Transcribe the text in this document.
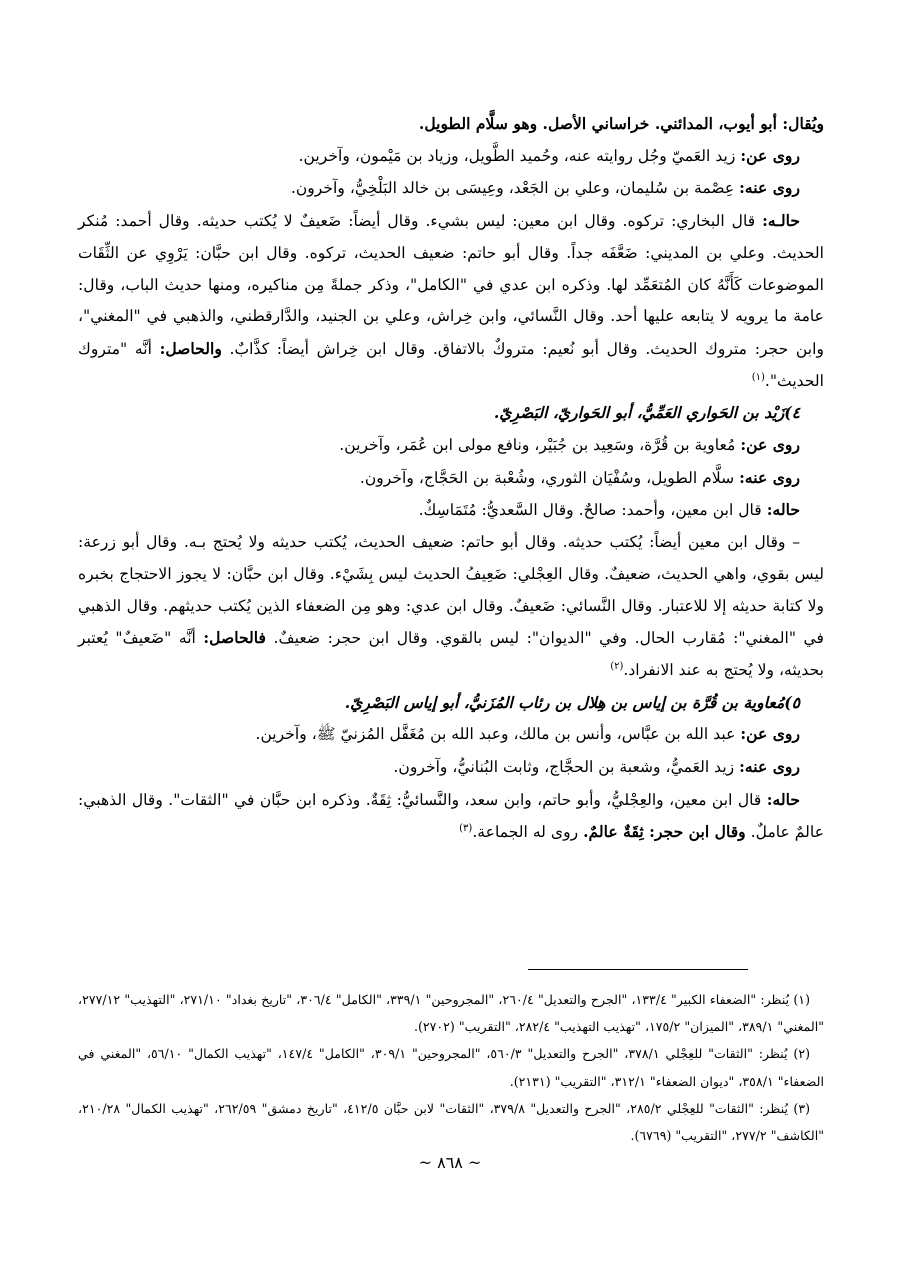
ويُقال: أبو أيوب، المدائني. خراساني الأصل. وهو سلَّام الطويل.

روى عن: زيد العَميّ وجُل روايته عنه، وحُميد الطَّويل، وزياد بن مَيْمون، وآخرين.

روى عنه: عِصْمة بن سُليمان، وعلي بن الجَعْد، وعِيسَى بن خالد البَلْخِيُّ، وآخرون.

حالـه: قال البخاري: تركوه. وقال ابن معين: ليس بشيء. وقال أيضاً: ضَعيفٌ لا يُكتب حديثه. وقال أحمد: مُنكر الحديث. وعلي بن المديني: ضَعَّفَه جداً. وقال أبو حاتم: ضعيف الحديث، تركوه. وقال ابن حبَّان: يَرْوِي عن الثِّقَات الموضوعات كَأَنَّهُ كان المُتعَمِّد لها. وذكره ابن عدي في "الكامل"، وذكر جملةً مِن مناكيره، ومنها حديث الباب، وقال: عامة ما يرويه لا يتابعه عليها أحد. وقال النَّسائي، وابن خِراش، وعلي بن الجنيد، والدَّارقطني، والذهبي في "المغني"، وابن حجر: متروك الحديث. وقال أبو نُعيم: متروكٌ بالاتفاق. وقال ابن خِراش أيضاً: كذَّابٌ. والحاصل: أنَّه "متروك الحديث".$^{(١)}$

٤)زَيْد بن الحَواري العَمِّيُّ، أبو الحَواريّ، البَصْرِيّ.

روى عن: مُعاوية بن قُرَّة، وسَعِيد بن جُبَيْر، ونافع مولى ابن عُمَر، وآخرين.

روى عنه: سلَّام الطويل، وسُفْيَان الثوري، وشُعْبة بن الحَجَّاج، وآخرون.

حاله: قال ابن معين، وأحمد: صالحٌ. وقال السَّعديُّ: مُتَمَاسِكٌ.

– وقال ابن معين أيضاً: يُكتب حديثه. وقال أبو حاتم: ضعيف الحديث، يُكتب حديثه ولا يُحتج بـه. وقال أبو زرعة: ليس بقوي، واهي الحديث، ضعيفٌ. وقال العِجْلي: ضَعِيفُ الحديث ليس بِشَيْء. وقال ابن حبَّان: لا يجوز الاحتجاج بخبره ولا كتابة حديثه إلا للاعتبار. وقال النَّسائي: ضَعيفٌ. وقال ابن عدي: وهو مِن الضعفاء الذين يُكتب حديثهم. وقال الذهبي في "المغني": مُقارب الحال. وفي "الديوان": ليس بالقوي. وقال ابن حجر: ضعيفٌ. فالحاصل: أنَّه "ضَعيفٌ" يُعتبر بحديثه، ولا يُحتج به عند الانفراد.$^{(٢)}$

٥)مُعاوية بن قُرَّة بن إياس بن هِلال بن رئاب المُزَنيُّ، أبو إياس البَصْرِيّ.

روى عن: عبد الله بن عبَّاس، وأنس بن مالك، وعبد الله بن مُغَفَّل المُزنيّ ﷺ، وآخرين.

روى عنه: زيد العَميُّ، وشعبة بن الحجَّاج، وثابت البُنانيُّ، وآخرون.

حاله: قال ابن معين، والعِجْليُّ، وأبو حاتم، وابن سعد، والنَّسائيُّ: ثِقَةٌ. وذكره ابن حبَّان في "الثقات". وقال الذهبي: عالمٌ عاملٌ. وقال ابن حجر: ثِقَةٌ عالمٌ. روى له الجماعة.$^{(٣)}$

(١) يُنظر: "الضعفاء الكبير" ١٣٣/٤، "الجرح والتعديل" ٢٦٠/٤، "المجروحين" ٣٣٩/١، "الكامل" ٣٠٦/٤، "تاريخ بغداد" ٢٧١/١٠، "التهذيب" ٢٧٧/١٢، "المغني" ٣٨٩/١، "الميزان" ١٧٥/٢، "تهذيب التهذيب" ٢٨٢/٤، "التقريب" (٢٧٠٢).

(٢) يُنظر: "الثقات" للعِجْلي ٣٧٨/١، "الجرح والتعديل" ٥٦٠/٣، "المجروحين" ٣٠٩/١، "الكامل" ١٤٧/٤، "تهذيب الكمال" ٥٦/١٠، "المغني في الضعفاء" ٣٥٨/١، "ديوان الضعفاء" ٣١٢/١، "التقريب" (٢١٣١).

(٣) يُنظر: "الثقات" للعِجْلي ٢٨٥/٢، "الجرح والتعديل" ٣٧٩/٨، "الثقات" لابن حبَّان ٤١٢/٥، "تاريخ دمشق" ٢٦٢/٥٩، "تهذيب الكمال" ٢١٠/٢٨، "الكاشف" ٢٧٧/٢، "التقريب" (٦٧٦٩).

~ ٨٦٨ ~
